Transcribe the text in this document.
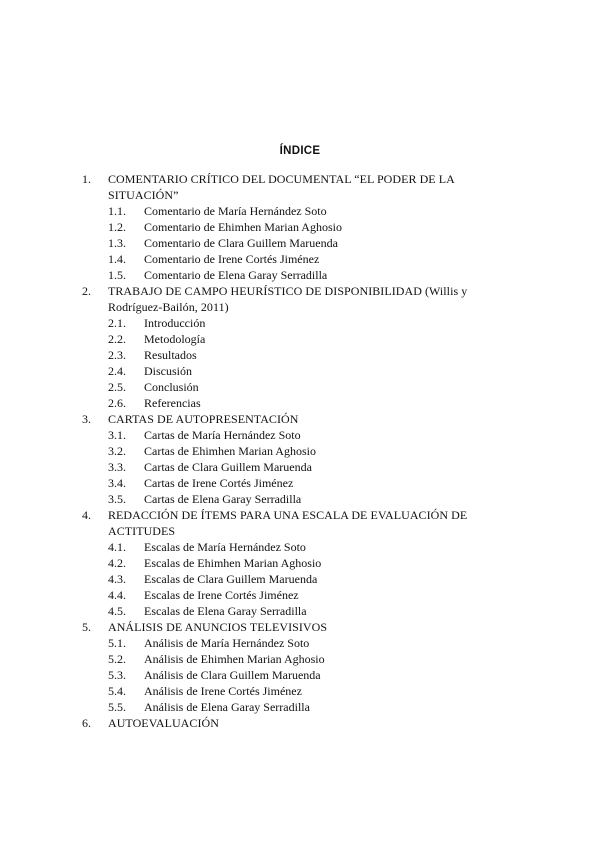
ÍNDICE
1. COMENTARIO CRÍTICO DEL DOCUMENTAL “EL PODER DE LA
SITUACIÓN”
1.1. Comentario de María Hernández Soto
1.2. Comentario de Ehimhen Marian Aghosio
1.3. Comentario de Clara Guillem Maruenda
1.4. Comentario de Irene Cortés Jiménez
1.5. Comentario de Elena Garay Serradilla
2. TRABAJO DE CAMPO HEURÍSTICO DE DISPONIBILIDAD (Willis y
Rodríguez-Bailón, 2011)
2.1. Introducción
2.2. Metodología
2.3. Resultados
2.4. Discusión
2.5. Conclusión
2.6. Referencias
3. CARTAS DE AUTOPRESENTACIÓN
3.1. Cartas de María Hernández Soto
3.2. Cartas de Ehimhen Marian Aghosio
3.3. Cartas de Clara Guillem Maruenda
3.4. Cartas de Irene Cortés Jiménez
3.5. Cartas de Elena Garay Serradilla
4. REDACCIÓN DE ÍTEMS PARA UNA ESCALA DE EVALUACIÓN DE
ACTITUDES
4.1. Escalas de María Hernández Soto
4.2. Escalas de Ehimhen Marian Aghosio
4.3. Escalas de Clara Guillem Maruenda
4.4. Escalas de Irene Cortés Jiménez
4.5. Escalas de Elena Garay Serradilla
5. ANÁLISIS DE ANUNCIOS TELEVISIVOS
5.1. Análisis de María Hernández Soto
5.2. Análisis de Ehimhen Marian Aghosio
5.3. Análisis de Clara Guillem Maruenda
5.4. Análisis de Irene Cortés Jiménez
5.5. Análisis de Elena Garay Serradilla
6. AUTOEVALUACIÓN
